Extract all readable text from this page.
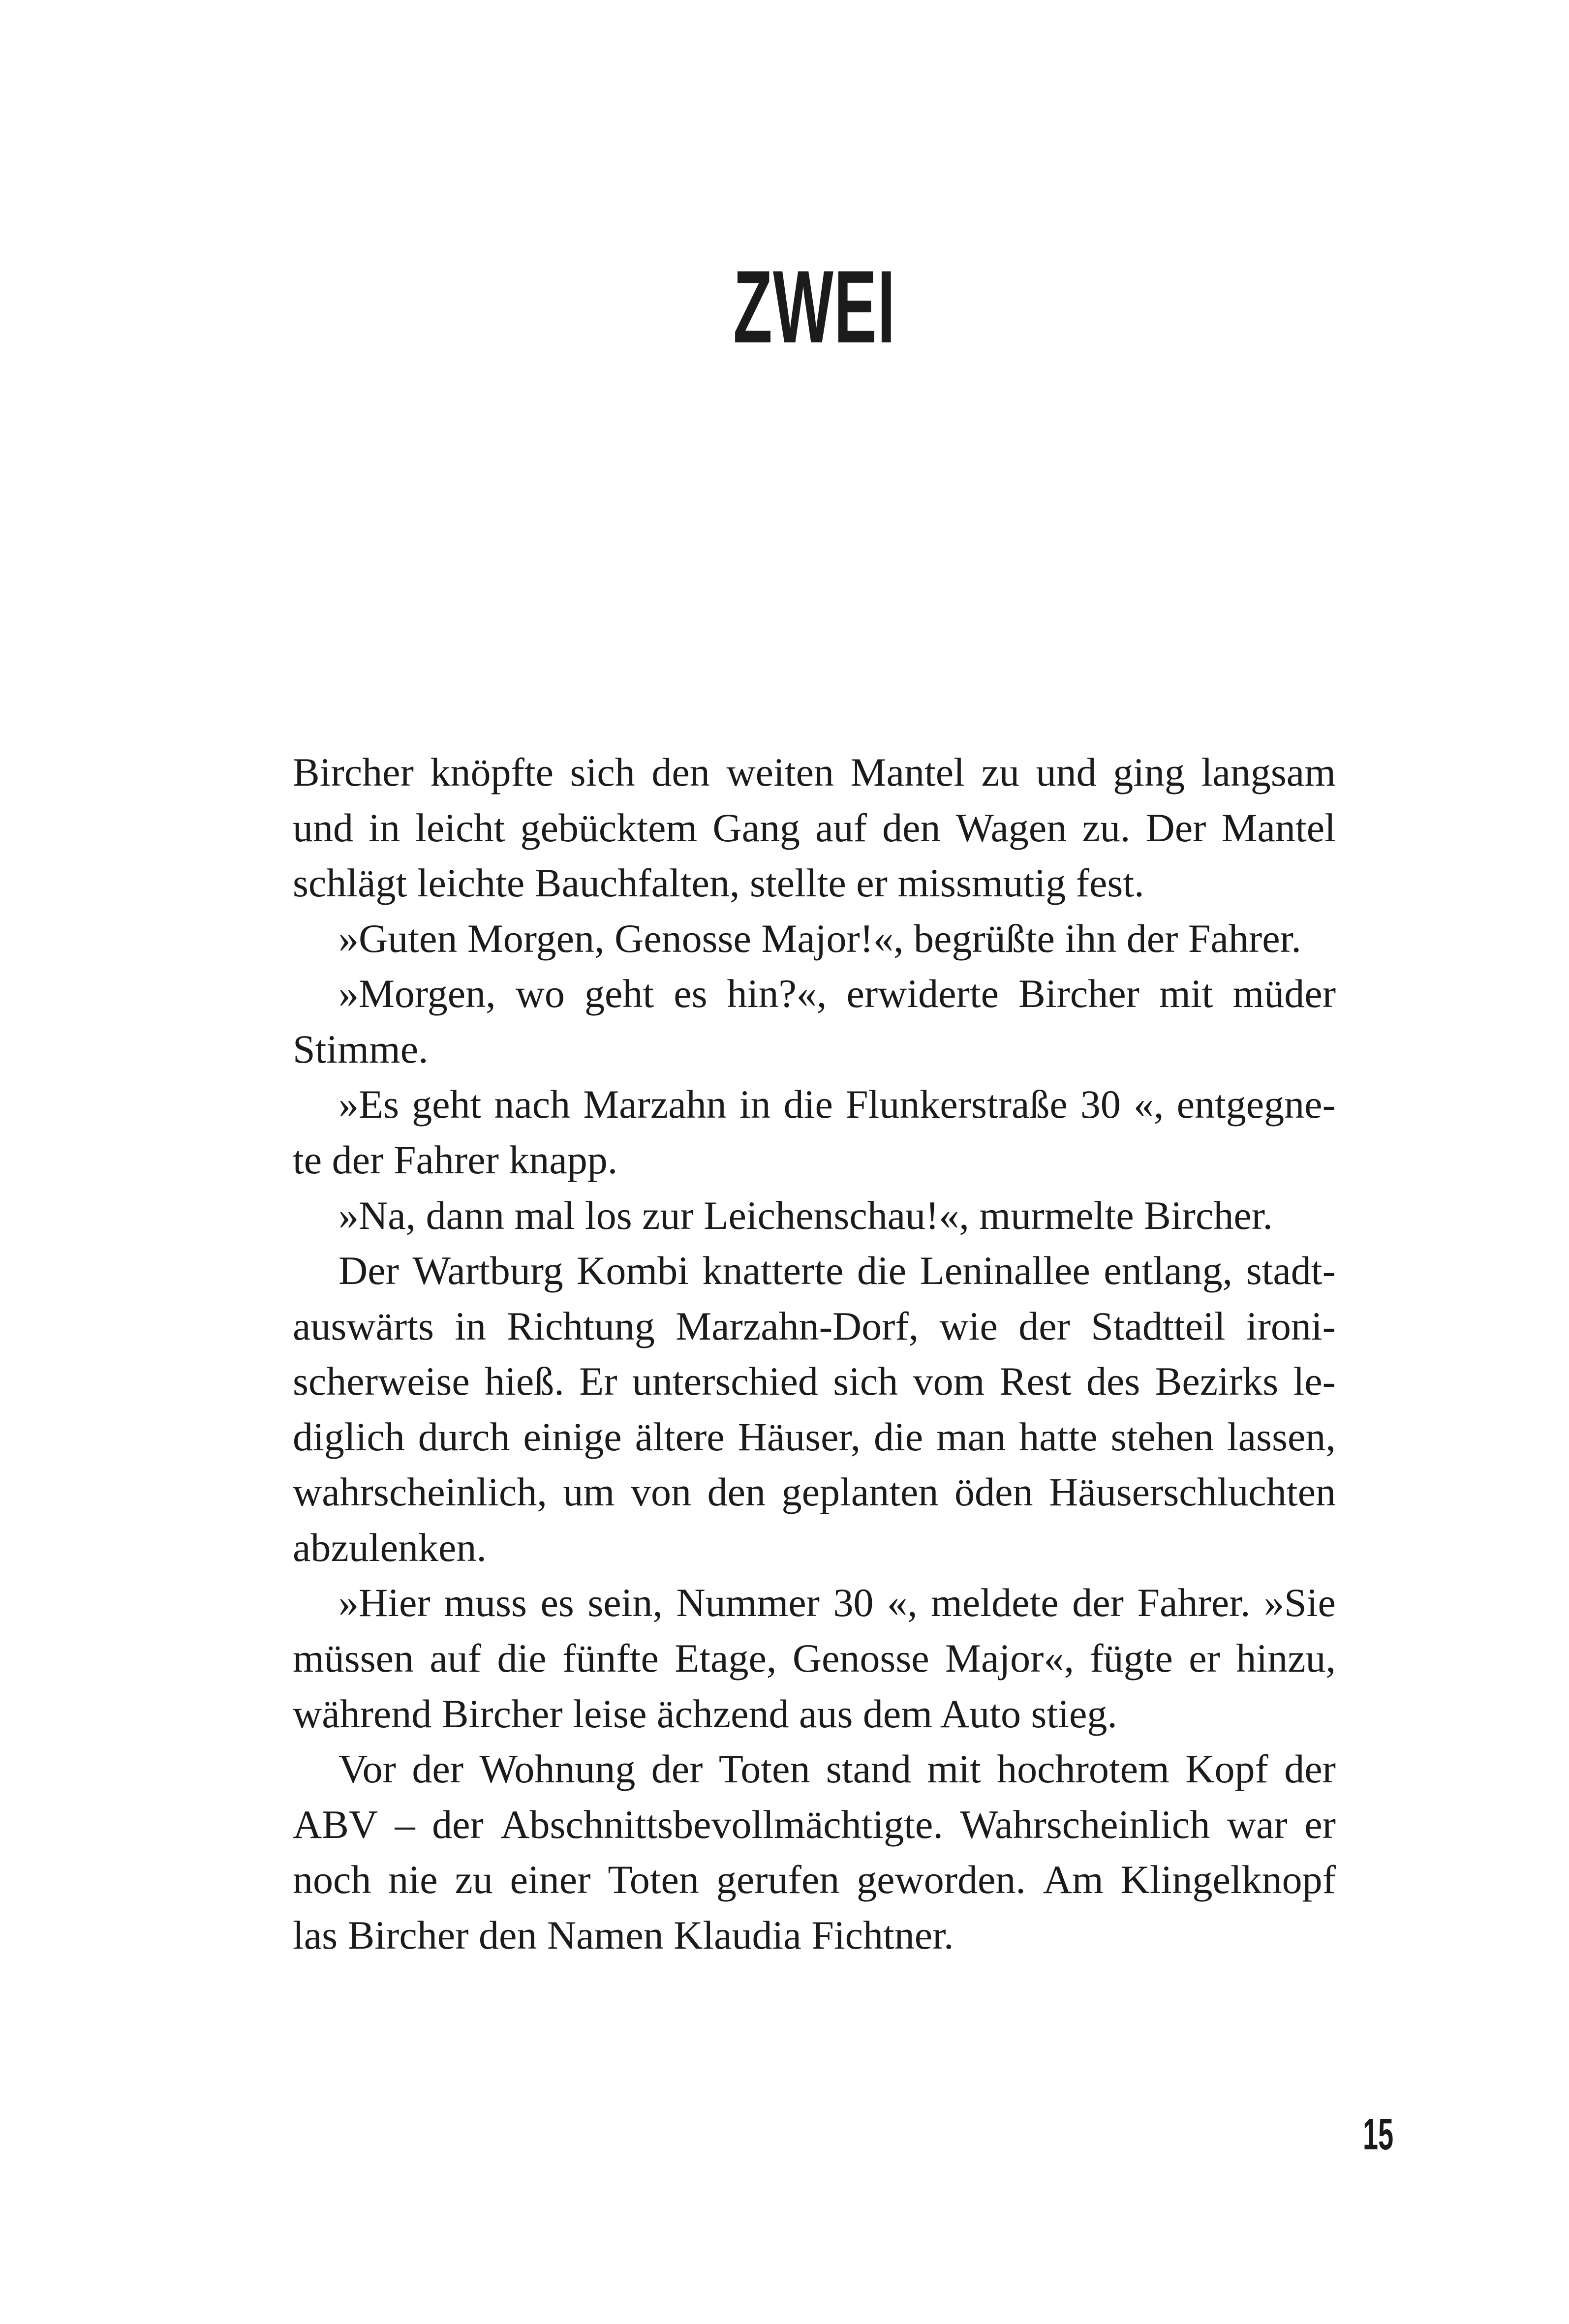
ZWEI
Bircher knöpfte sich den weiten Mantel zu und ging langsam
und in leicht gebücktem Gang auf den Wagen zu. Der Mantel
schlägt leichte Bauchfalten, stellte er missmutig fest.
»Guten Morgen, Genosse Major!«, begrüßte ihn der Fahrer.
»Morgen, wo geht es hin?«, erwiderte Bircher mit müder
Stimme.
»Es geht nach Marzahn in die Flunkerstraße 30 «, entgegne-
te der Fahrer knapp.
»Na, dann mal los zur Leichenschau!«, murmelte Bircher.
Der Wartburg Kombi knatterte die Leninallee entlang, stadt-
auswärts in Richtung Marzahn-Dorf, wie der Stadtteil ironi-
scherweise hieß. Er unterschied sich vom Rest des Bezirks le-
diglich durch einige ältere Häuser, die man hatte stehen lassen,
wahrscheinlich, um von den geplanten öden Häuserschluchten
abzulenken.
»Hier muss es sein, Nummer 30 «, meldete der Fahrer. »Sie
müssen auf die fünfte Etage, Genosse Major«, fügte er hinzu,
während Bircher leise ächzend aus dem Auto stieg.
Vor der Wohnung der Toten stand mit hochrotem Kopf der
ABV – der Abschnittsbevollmächtigte. Wahrscheinlich war er
noch nie zu einer Toten gerufen geworden. Am Klingelknopf
las Bircher den Namen Klaudia Fichtner.
15
